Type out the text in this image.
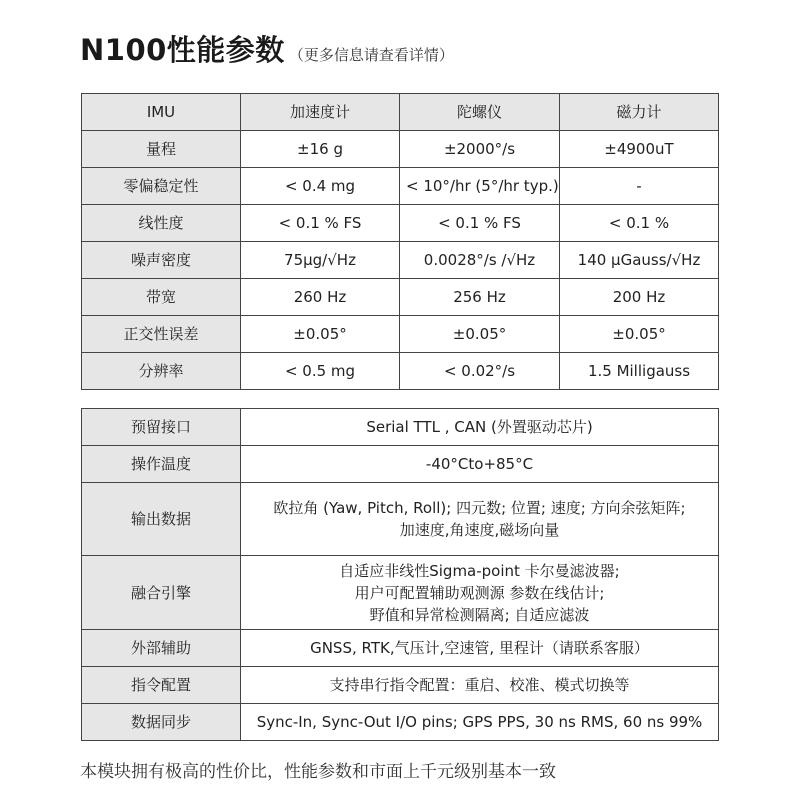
N100性能参数 （更多信息请查看详情）
IMU	加速度计	陀螺仪	磁力计
量程	±16 g	±2000°/s	±4900uT
零偏稳定性	< 0.4 mg	< 10°/hr (5°/hr typ.)	-
线性度	< 0.1 % FS	< 0.1 % FS	< 0.1 %
噪声密度	75µg/√Hz	0.0028°/s /√Hz	140 µGauss/√Hz
带宽	260 Hz	256 Hz	200 Hz
正交性误差	±0.05°	±0.05°	±0.05°
分辨率	< 0.5 mg	< 0.02°/s	1.5 Milligauss
预留接口	Serial TTL , CAN (外置驱动芯片)

操作温度	-40°Cto+85°C

输出数据	欧拉角 (Yaw, Pitch, Roll); 四元数; 位置; 速度; 方向余弦矩阵;
加速度,角速度,磁场向量

融合引擎	自适应非线性Sigma-point 卡尔曼滤波器;
用户可配置辅助观测源 参数在线估计;
野值和异常检测隔离; 自适应滤波

外部辅助	GNSS, RTK,气压计,空速管, 里程计（请联系客服）

指令配置	支持串行指令配置：重启、校准、模式切换等

数据同步	Sync-In, Sync-Out I/O pins; GPS PPS, 30 ns RMS, 60 ns 99%
本模块拥有极高的性价比，性能参数和市面上千元级别基本一致
